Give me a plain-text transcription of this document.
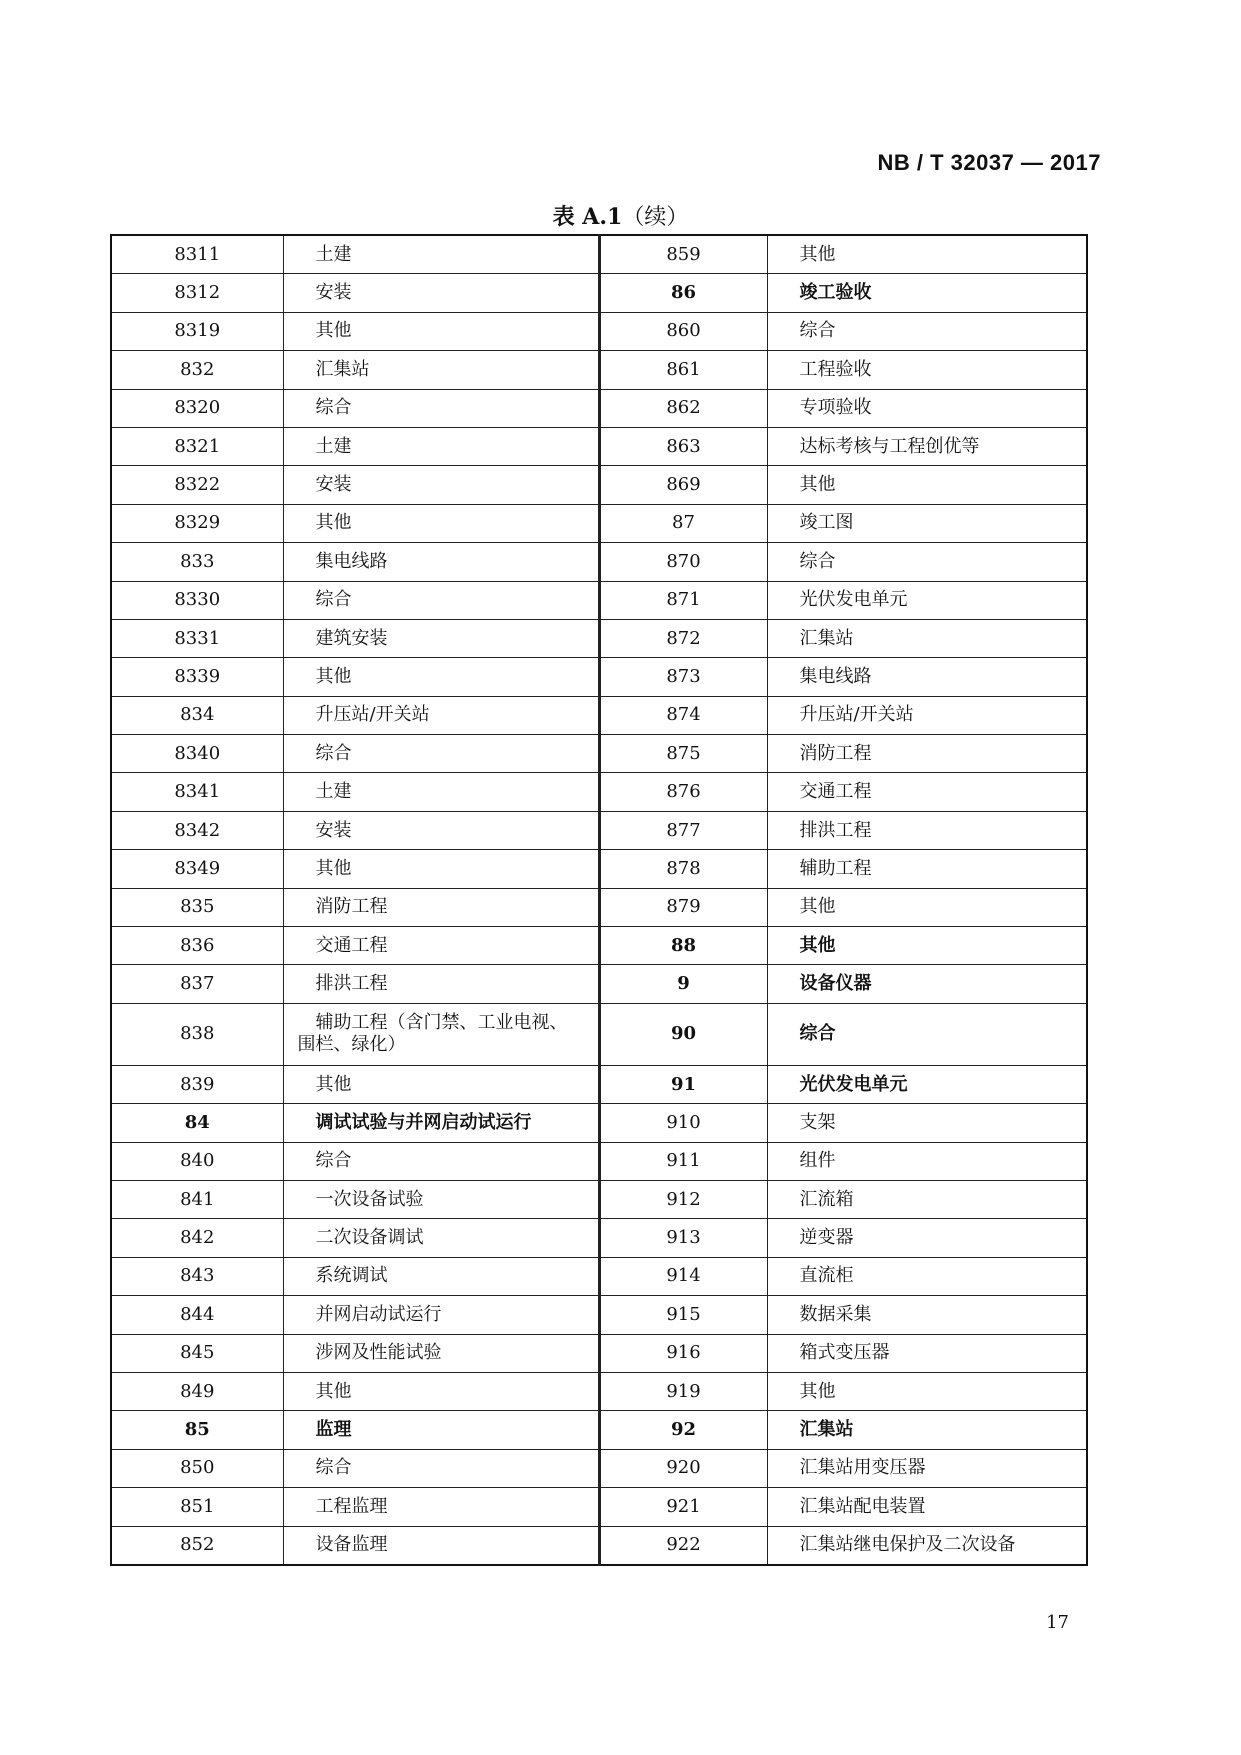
NB / T 32037 — 2017
表 A.1（续）
8311	土建	859	其他
8312	安装	86	竣工验收
8319	其他	860	综合
832	汇集站	861	工程验收
8320	综合	862	专项验收
8321	土建	863	达标考核与工程创优等
8322	安装	869	其他
8329	其他	87	竣工图
833	集电线路	870	综合
8330	综合	871	光伏发电单元
8331	建筑安装	872	汇集站
8339	其他	873	集电线路
834	升压站/开关站	874	升压站/开关站
8340	综合	875	消防工程
8341	土建	876	交通工程
8342	安装	877	排洪工程
8349	其他	878	辅助工程
835	消防工程	879	其他
836	交通工程	88	其他
837	排洪工程	9	设备仪器
838	辅助工程（含门禁、工业电视、围栏、绿化）	90	综合
839	其他	91	光伏发电单元
84	调试试验与并网启动试运行	910	支架
840	综合	911	组件
841	一次设备试验	912	汇流箱
842	二次设备调试	913	逆变器
843	系统调试	914	直流柜
844	并网启动试运行	915	数据采集
845	涉网及性能试验	916	箱式变压器
849	其他	919	其他
85	监理	92	汇集站
850	综合	920	汇集站用变压器
851	工程监理	921	汇集站配电装置
852	设备监理	922	汇集站继电保护及二次设备
17
